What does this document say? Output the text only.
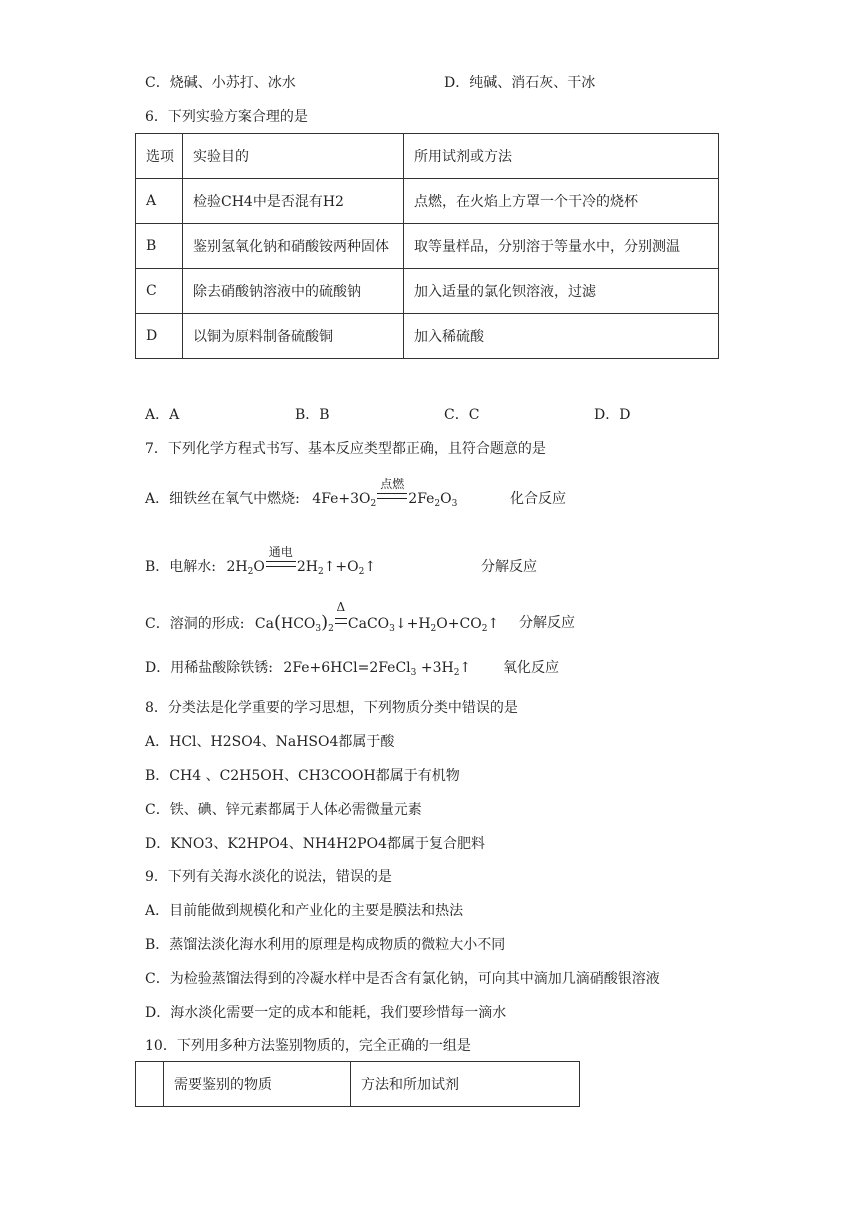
C．烧碱、小苏打、冰水	D．纯碱、消石灰、干冰
6．下列实验方案合理的是
选项	实验目的	所用试剂或方法
A	检验CH4中是否混有H2	点燃，在火焰上方罩一个干冷的烧杯
B	鉴别氢氧化钠和硝酸铵两种固体	取等量样品，分别溶于等量水中，分别测温
C	除去硝酸钠溶液中的硫酸钠	加入适量的氯化钡溶液，过滤
D	以铜为原料制备硫酸铜	加入稀硫酸
A．A	B．B	C．C	D．D
7．下列化学方程式书写、基本反应类型都正确，且符合题意的是
A．细铁丝在氧气中燃烧: $4Fe+3O_2$
点燃
$2Fe_2O_3$	化合反应
B．电解水: $2H_2O$
通电
$2H_2↑+O_2↑$	分解反应
C．溶洞的形成: $Ca(HCO_3)_2$
Δ
$CaCO_3↓+H_2O+CO_2↑$ 分解反应
D．用稀盐酸除铁锈: 2Fe+6HCl=2FeCl$_3$ $+3H_2↑$ 氧化反应
8．分类法是化学重要的学习思想，下列物质分类中错误的是
A．HCl、H2SO4、NaHSO4都属于酸
B．CH4 、C2H5OH、CH3COOH都属于有机物
C．铁、碘、锌元素都属于人体必需微量元素
D．KNO3、K2HPO4、NH4H2PO4都属于复合肥料
9．下列有关海水淡化的说法，错误的是
A．目前能做到规模化和产业化的主要是膜法和热法
B．蒸馏法淡化海水利用的原理是构成物质的微粒大小不同
C．为检验蒸馏法得到的冷凝水样中是否含有氯化钠，可向其中滴加几滴硝酸银溶液
D．海水淡化需要一定的成本和能耗，我们要珍惜每一滴水
10．下列用多种方法鉴别物质的，完全正确的一组是
	需要鉴别的物质	方法和所加试剂
